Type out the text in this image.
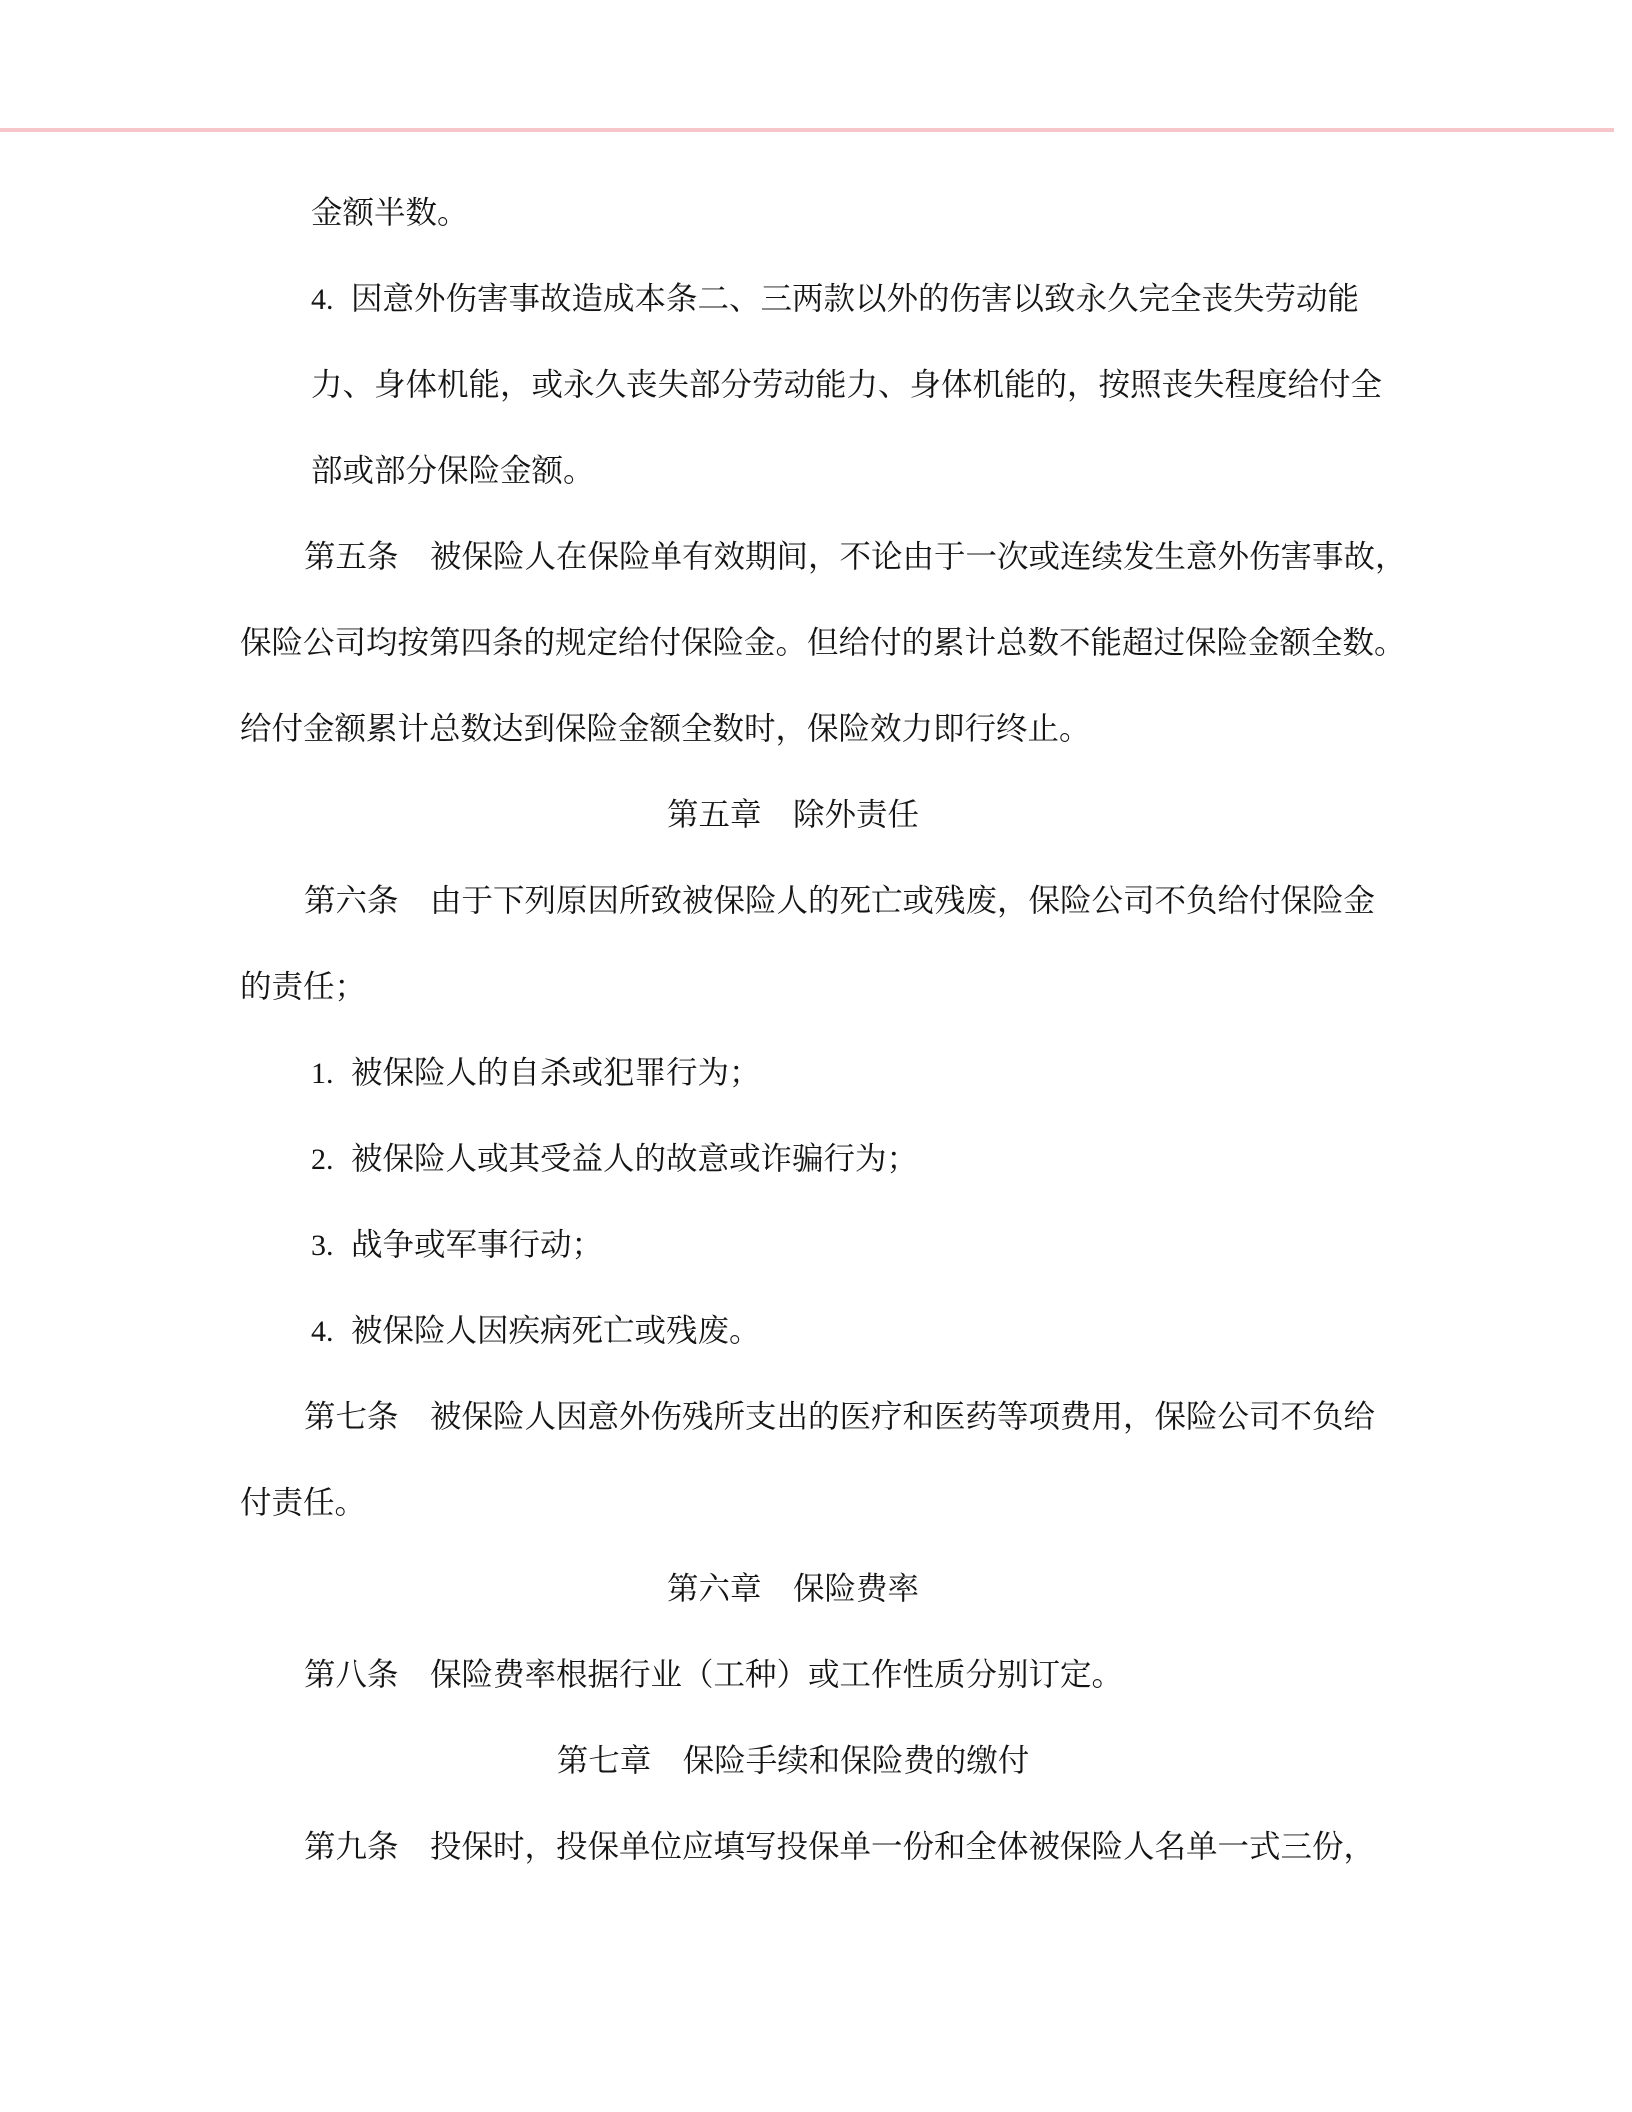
金额半数。
4. 因意外伤害事故造成本条二、三两款以外的伤害以致永久完全丧失劳动能
力、身体机能，或永久丧失部分劳动能力、身体机能的，按照丧失程度给付全
部或部分保险金额。
第五条 被保险人在保险单有效期间，不论由于一次或连续发生意外伤害事故，
保险公司均按第四条的规定给付保险金。但给付的累计总数不能超过保险金额全数。
给付金额累计总数达到保险金额全数时，保险效力即行终止。
第五章 除外责任
第六条 由于下列原因所致被保险人的死亡或残废，保险公司不负给付保险金
的责任；
1. 被保险人的自杀或犯罪行为；
2. 被保险人或其受益人的故意或诈骗行为；
3. 战争或军事行动；
4. 被保险人因疾病死亡或残废。
第七条 被保险人因意外伤残所支出的医疗和医药等项费用，保险公司不负给
付责任。
第六章 保险费率
第八条 保险费率根据行业（工种）或工作性质分别订定。
第七章 保险手续和保险费的缴付
第九条 投保时，投保单位应填写投保单一份和全体被保险人名单一式三份，
